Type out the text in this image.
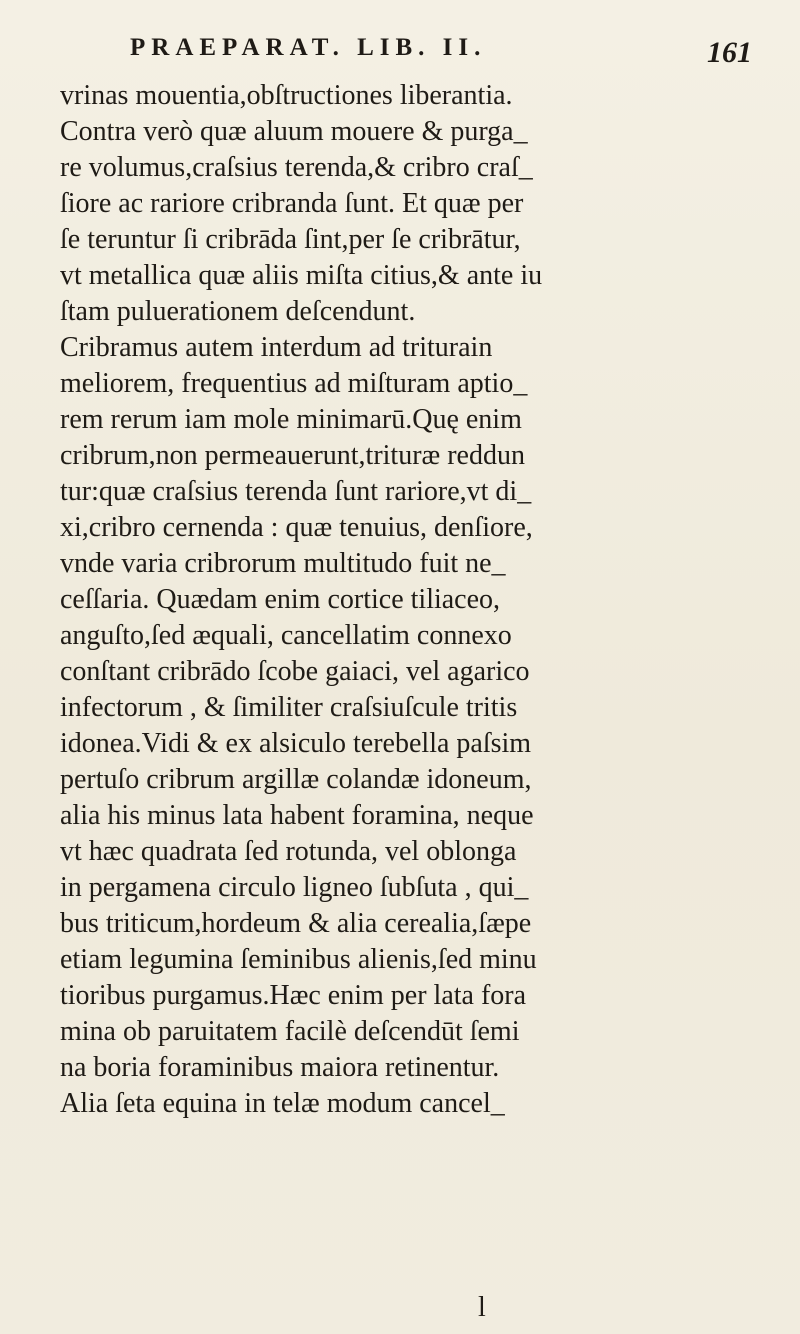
PRAEPARAT. LIB. II.	161
vrinas mouentia,obſtructiones liberantia.
Contra verò quæ aluum mouere & purga_
re volumus,craſsius terenda,& cribro craſ_
ſiore ac rariore cribranda ſunt. Et quæ per
ſe teruntur ſi cribrāda ſint,per ſe cribrātur,
vt metallica quæ aliis miſta citius,& ante iu
ſtam pulueratiοnem deſcendunt.
Cribramus autem interdum ad triturain
meliorem, frequentius ad miſturam aptio_
rem rerum iam mole minimarū.Quę enim
cribrum,non permeauerunt,trituræ reddun
tur:quæ craſsius terenda ſunt rariore,vt di_
xi,cribro cernenda : quæ tenuius, denſiore,
vnde varia cribrorum multitudo fuit ne_
ceſſaria. Quædam enim cortice tiliaceo,
anguſto,ſed æquali, cancellatim connexo
conſtant cribrādo ſcobe gaiaci, vel agarico
infectorum , & ſimiliter craſsiuſcule tritis
idonea.Vidi & ex alsiculo terebella paſsim
pertuſo cribrum argillæ colandæ idoneum,
alia his minus lata habent foramina, neque
vt hæc quadrata ſed rotunda, vel oblonga
in pergamena circulo ligneo ſubſuta , qui_
bus triticum,hordeum & alia cerealia,ſæpe
etiam legumina ſeminibus alienis,ſed minu
tioribus purgamus.Hæc enim per lata fora
mina ob paruitatem facilè deſcendūt ſemi
na boria foraminibus maiora retinentur.
Alia ſeta equina in telæ modum cancel_
l
